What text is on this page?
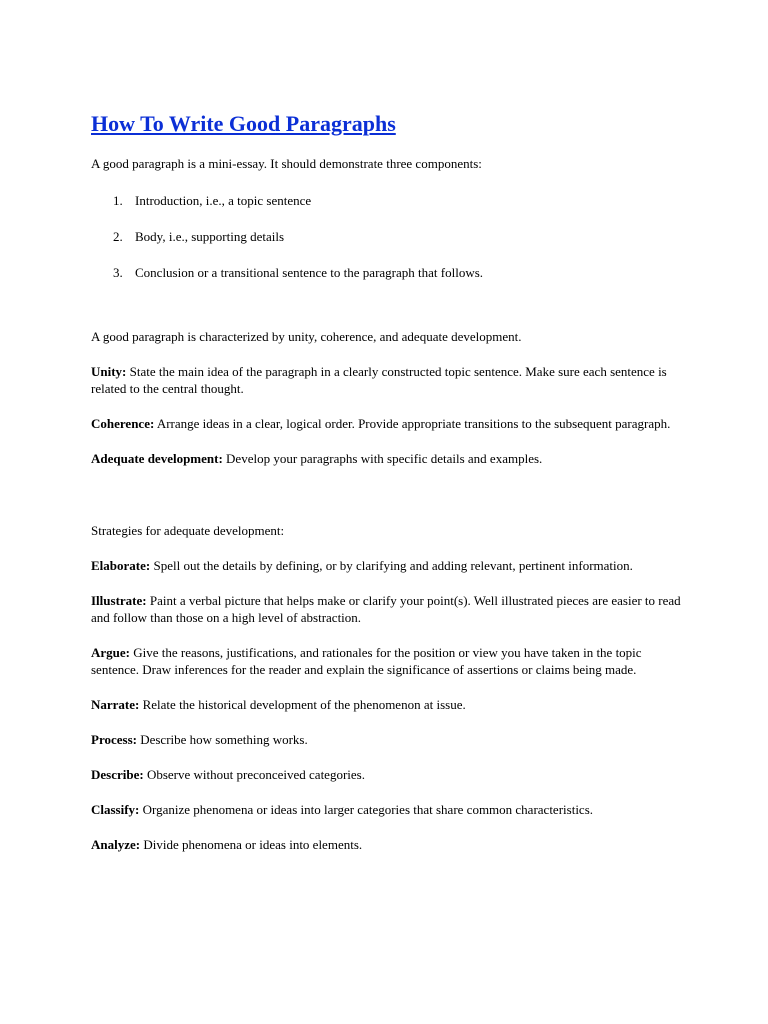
How To Write Good Paragraphs

A good paragraph is a mini-essay. It should demonstrate three components:

1. Introduction, i.e., a topic sentence
2. Body, i.e., supporting details
3. Conclusion or a transitional sentence to the paragraph that follows.

A good paragraph is characterized by unity, coherence, and adequate development.

Unity: State the main idea of the paragraph in a clearly constructed topic sentence. Make sure each sentence is related to the central thought.

Coherence: Arrange ideas in a clear, logical order. Provide appropriate transitions to the subsequent paragraph.

Adequate development: Develop your paragraphs with specific details and examples.

Strategies for adequate development:

Elaborate: Spell out the details by defining, or by clarifying and adding relevant, pertinent information.

Illustrate: Paint a verbal picture that helps make or clarify your point(s). Well illustrated pieces are easier to read and follow than those on a high level of abstraction.

Argue: Give the reasons, justifications, and rationales for the position or view you have taken in the topic sentence. Draw inferences for the reader and explain the significance of assertions or claims being made.

Narrate: Relate the historical development of the phenomenon at issue.

Process: Describe how something works.

Describe: Observe without preconceived categories.

Classify: Organize phenomena or ideas into larger categories that share common characteristics.

Analyze: Divide phenomena or ideas into elements.
